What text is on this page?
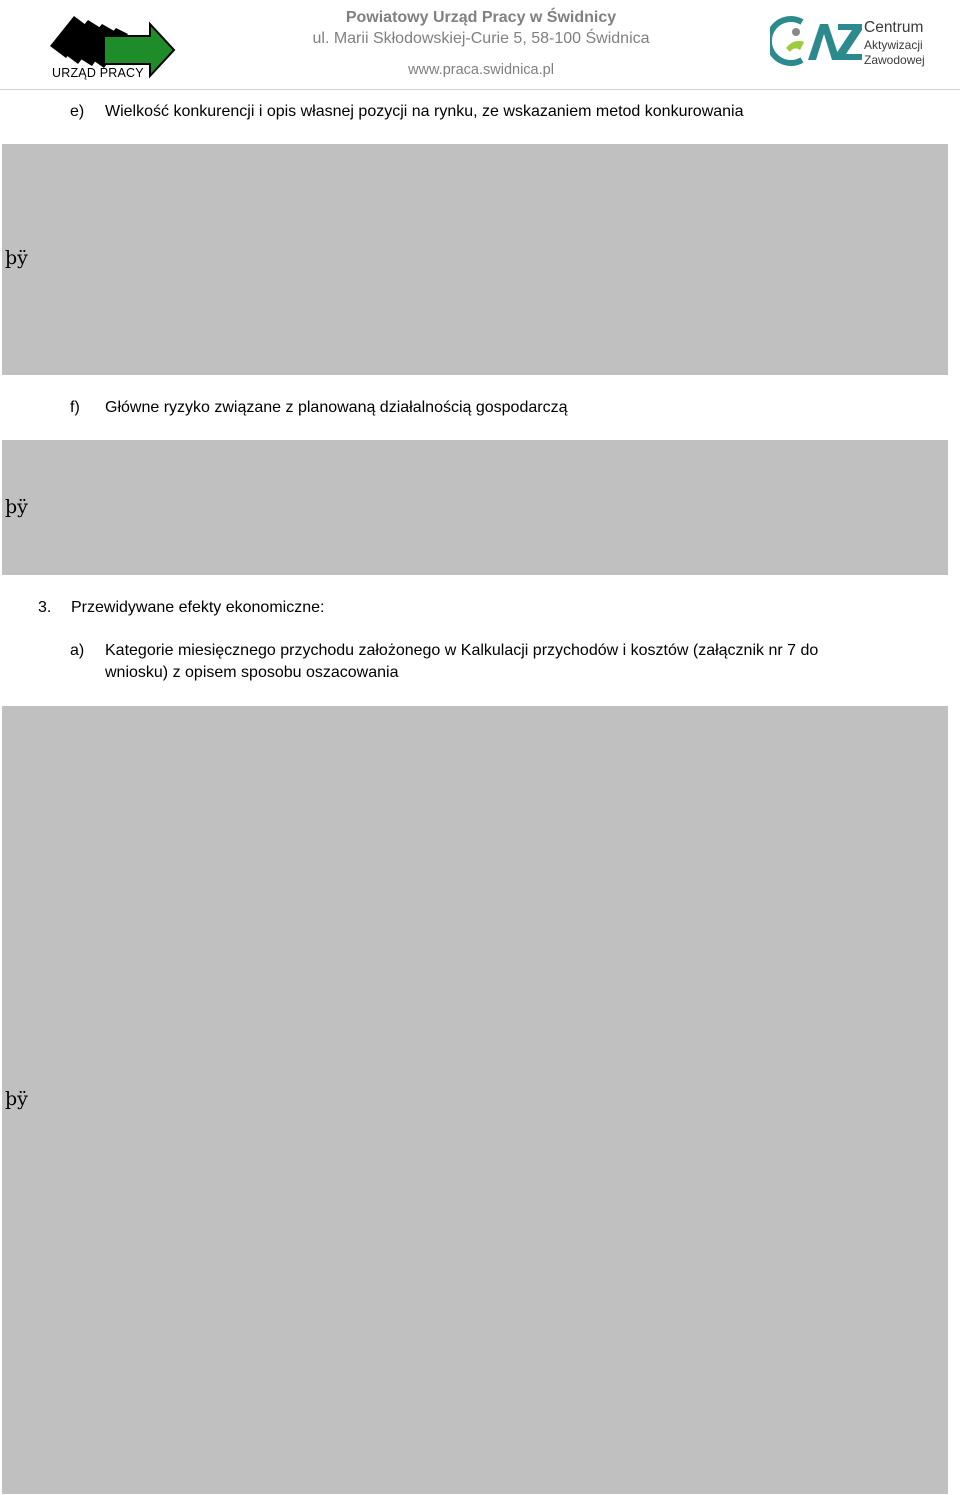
URZĄD PRACY
Powiatowy Urząd Pracy w Świdnicy
ul. Marii Skłodowskiej-Curie 5, 58-100 Świdnica
www.praca.swidnica.pl
CAZ
Centrum
Aktywizacji
Zawodowej
e) Wielkość konkurencji i opis własnej pozycji na rynku, ze wskazaniem metod konkurowania
þÿ
f) Główne ryzyko związane z planowaną działalnością gospodarczą
þÿ
3. Przewidywane efekty ekonomiczne:
a) Kategorie miesięcznego przychodu założonego w Kalkulacji przychodów i kosztów (załącznik nr 7 do
wniosku) z opisem sposobu oszacowania
þÿ
